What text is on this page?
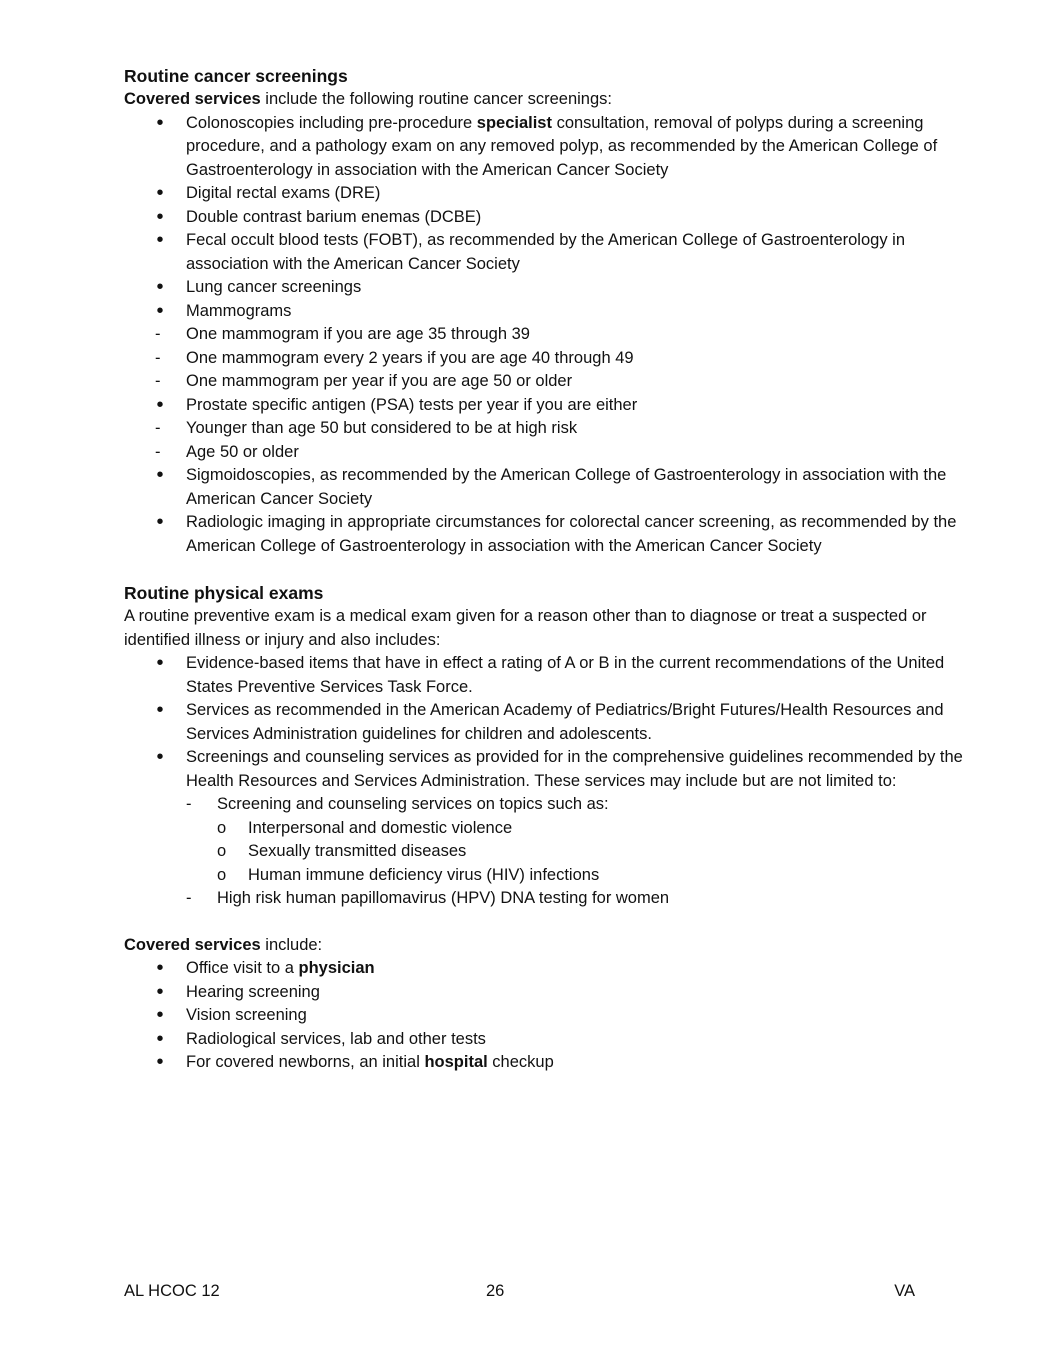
Routine cancer screenings

Covered services include the following routine cancer screenings:

•
Colonoscopies including pre-procedure specialist consultation, removal of polyps during a screening procedure, and a pathology exam on any removed polyp, as recommended by the American College of Gastroenterology in association with the American Cancer Society
•
Digital rectal exams (DRE)
•
Double contrast barium enemas (DCBE)
•
Fecal occult blood tests (FOBT), as recommended by the American College of Gastroenterology in association with the American Cancer Society
•
Lung cancer screenings
•
Mammograms
- One mammogram if you are age 35 through 39
- One mammogram every 2 years if you are age 40 through 49
- One mammogram per year if you are age 50 or older
•
Prostate specific antigen (PSA) tests per year if you are either
- Younger than age 50 but considered to be at high risk
- Age 50 or older
•
Sigmoidoscopies, as recommended by the American College of Gastroenterology in association with the American Cancer Society
•
Radiologic imaging in appropriate circumstances for colorectal cancer screening, as recommended by the American College of Gastroenterology in association with the American Cancer Society
Routine physical exams

A routine preventive exam is a medical exam given for a reason other than to diagnose or treat a suspected or identified illness or injury and also includes:

•
Evidence-based items that have in effect a rating of A or B in the current recommendations of the United States Preventive Services Task Force.
•
Services as recommended in the American Academy of Pediatrics/Bright Futures/Health Resources and Services Administration guidelines for children and adolescents.
•
Screenings and counseling services as provided for in the comprehensive guidelines recommended by the Health Resources and Services Administration. These services may include but are not limited to:
- Screening and counseling services on topics such as:
o Interpersonal and domestic violence
o Sexually transmitted diseases
o Human immune deficiency virus (HIV) infections
- High risk human papillomavirus (HPV) DNA testing for women

Covered services include:

•
Office visit to a physician
•
Hearing screening
•
Vision screening
•
Radiological services, lab and other tests
•
For covered newborns, an initial hospital checkup
AL HCOC 12	26	VA
